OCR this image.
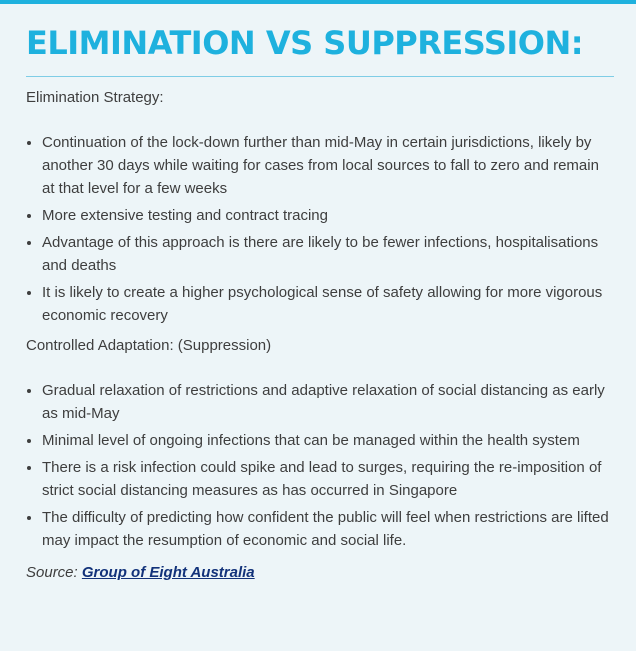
ELIMINATION VS SUPPRESSION:
Elimination Strategy:
Continuation of the lock-down further than mid-May in certain jurisdictions, likely by another 30 days while waiting for cases from local sources to fall to zero and remain at that level for a few weeks
More extensive testing and contract tracing
Advantage of this approach is there are likely to be fewer infections, hospitalisations and deaths
It is likely to create a higher psychological sense of safety allowing for more vigorous economic recovery
Controlled Adaptation: (Suppression)
Gradual relaxation of restrictions and adaptive relaxation of social distancing as early as mid-May
Minimal level of ongoing infections that can be managed within the health system
There is a risk infection could spike and lead to surges, requiring the re-imposition of strict social distancing measures as has occurred in Singapore
The difficulty of predicting how confident the public will feel when restrictions are lifted may impact the resumption of economic and social life.
Source: Group of Eight Australia
